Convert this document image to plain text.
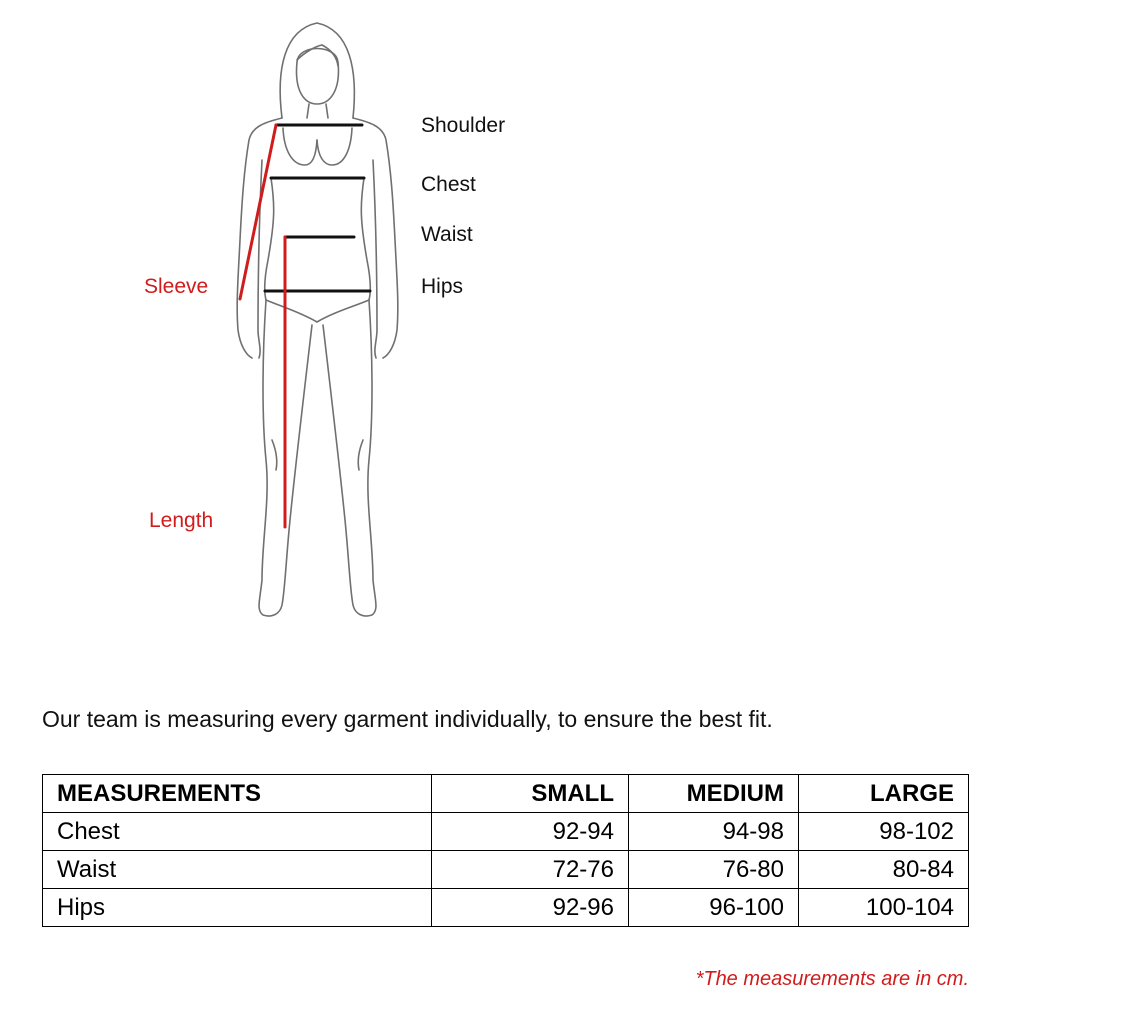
Shoulder
Chest
Waist
Hips
Sleeve
Length
Our team is measuring every garment individually, to ensure the best fit.
MEASUREMENTS	SMALL	MEDIUM	LARGE
Chest	92-94	94-98	98-102
Waist	72-76	76-80	80-84
Hips	92-96	96-100	100-104
*The measurements are in cm.
